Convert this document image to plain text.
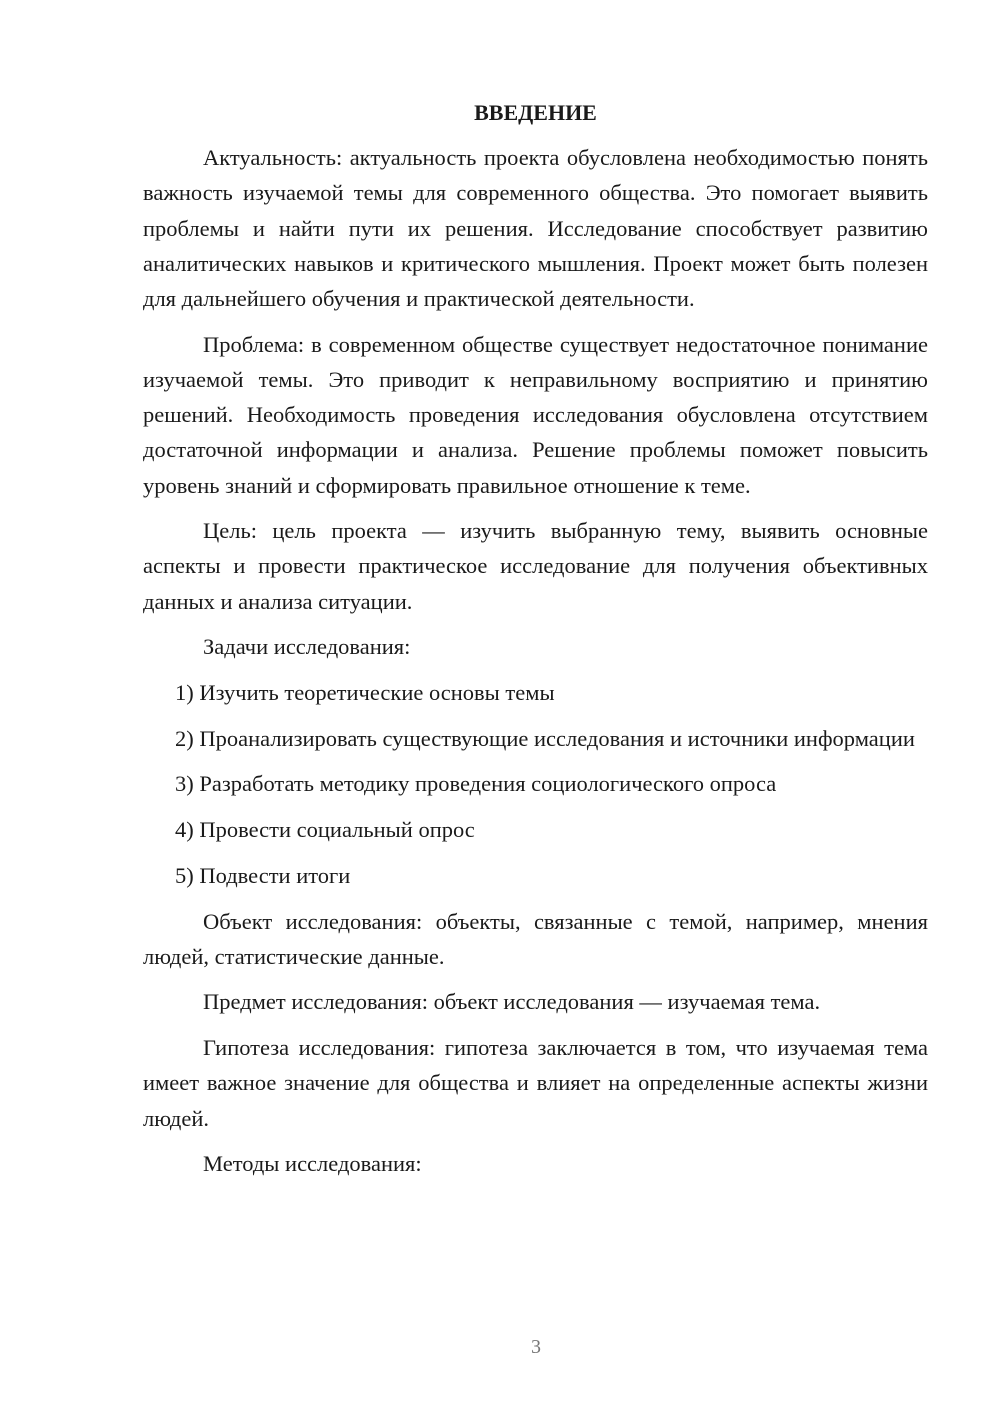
ВВЕДЕНИЕ

Актуальность: актуальность проекта обусловлена необходимостью понять важность изучаемой темы для современного общества. Это помогает выявить проблемы и найти пути их решения. Исследование способствует развитию аналитических навыков и критического мышления. Проект может быть полезен для дальнейшего обучения и практической деятельности.

Проблема: в современном обществе существует недостаточное понимание изучаемой темы. Это приводит к неправильному восприятию и принятию решений. Необходимость проведения исследования обусловлена отсутствием достаточной информации и анализа. Решение проблемы поможет повысить уровень знаний и сформировать правильное отношение к теме.

Цель: цель проекта — изучить выбранную тему, выявить основные аспекты и провести практическое исследование для получения объективных данных и анализа ситуации.

Задачи исследования:

1) Изучить теоретические основы темы

2) Проанализировать существующие исследования и источники информации

3) Разработать методику проведения социологического опроса

4) Провести социальный опрос

5) Подвести итоги

Объект исследования: объекты, связанные с темой, например, мнения людей, статистические данные.

Предмет исследования: объект исследования — изучаемая тема.

Гипотеза исследования: гипотеза заключается в том, что изучаемая тема имеет важное значение для общества и влияет на определенные аспекты жизни людей.

Методы исследования:

3
